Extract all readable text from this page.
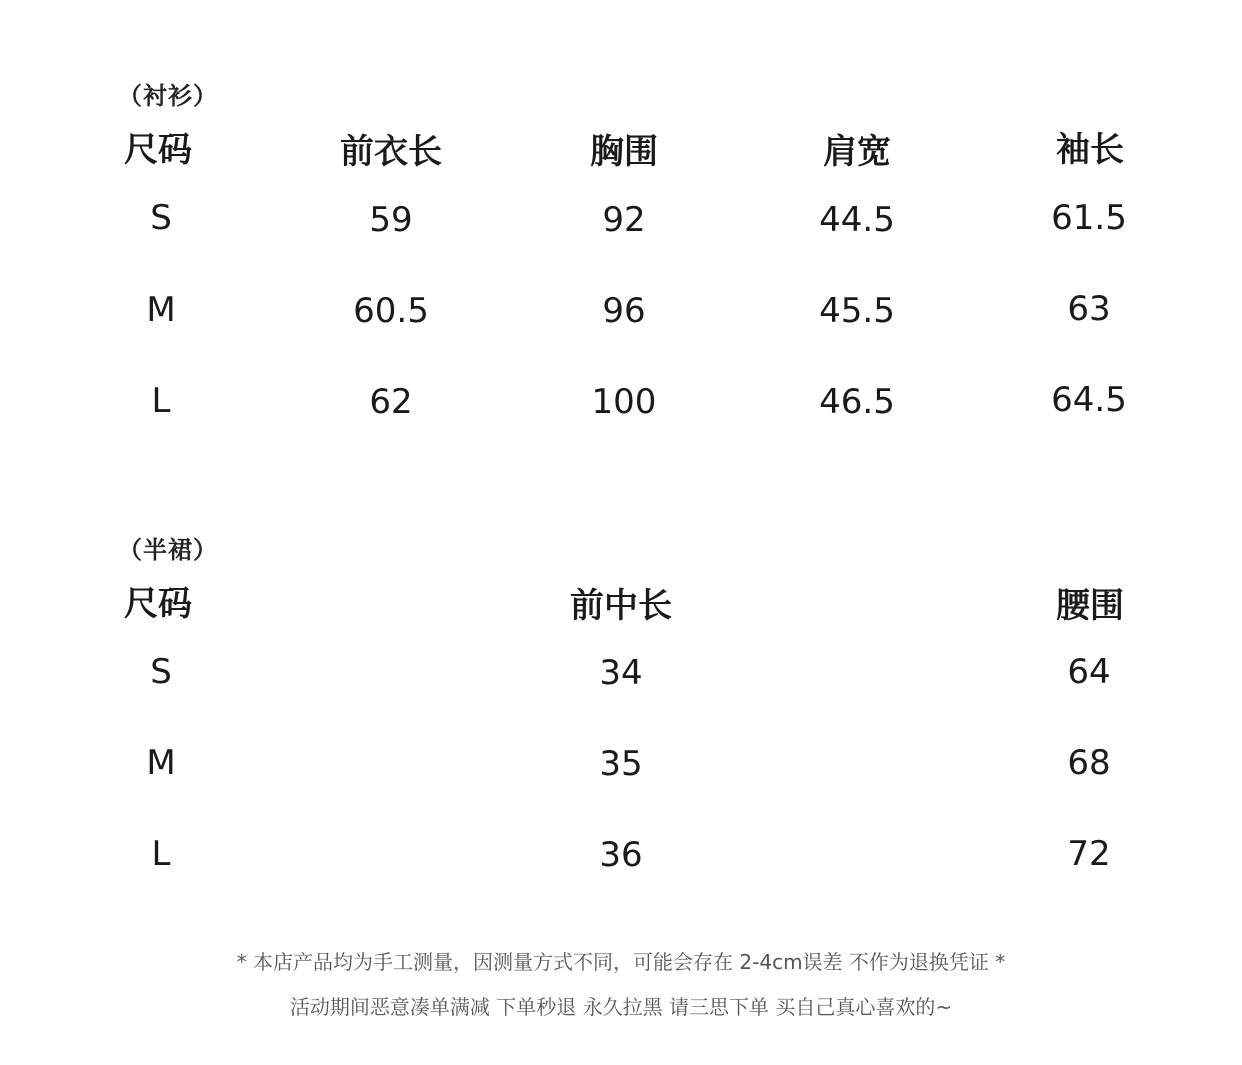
（衬衫）
尺码	前衣长	胸围	肩宽	袖长
S	59	92	44.5	61.5
M	60.5	96	45.5	63
L	62	100	46.5	64.5
（半裙）
尺码	前中长	腰围
S	34	64
M	35	68
L	36	72
* 本店产品均为手工测量，因测量方式不同，可能会存在 2-4cm误差 不作为退换凭证 *
活动期间恶意凑单满减 下单秒退 永久拉黑 请三思下单 买自己真心喜欢的~
